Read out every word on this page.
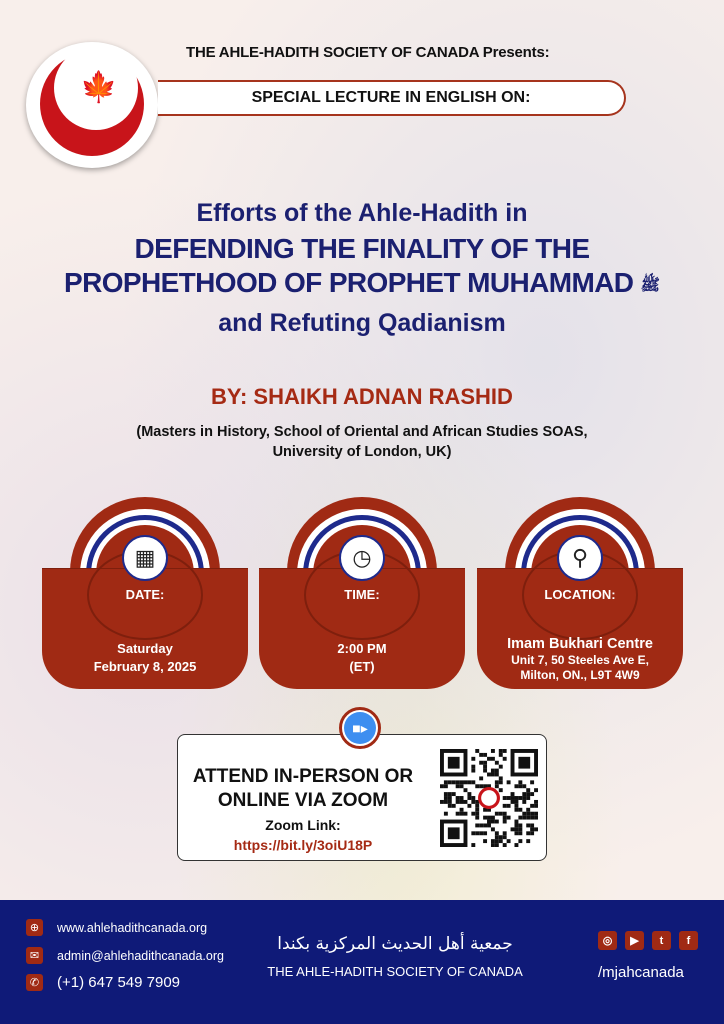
🍁
THE AHLE-HADITH SOCIETY OF CANADA Presents:
SPECIAL LECTURE IN ENGLISH ON:
Efforts of the Ahle-Hadith in
DEFENDING THE FINALITY OF THE
PROPHETHOOD OF PROPHET MUHAMMAD ﷺ
and Refuting Qadianism
BY: SHAIKH ADNAN RASHID
(Masters in History, School of Oriental and African Studies SOAS,
University of London, UK)
▦
DATE:
Saturday
February 8, 2025
◷
TIME:
2:00 PM
(ET)
⚲
LOCATION:
Imam Bukhari Centre
Unit 7, 50 Steeles Ave E,
Milton, ON., L9T 4W9
ATTEND IN-PERSON OR
ONLINE VIA ZOOM
Zoom Link:
https://bit.ly/3oiU18P
■▸
⊕	www.ahlehadithcanada.org
✉	admin@ahlehadithcanada.org
✆ (+1) 647 549 7909
جمعية أهل الحديث المركزية بكندا
THE AHLE-HADITH SOCIETY OF CANADA
◎	▶	t	f
/mjahcanada
